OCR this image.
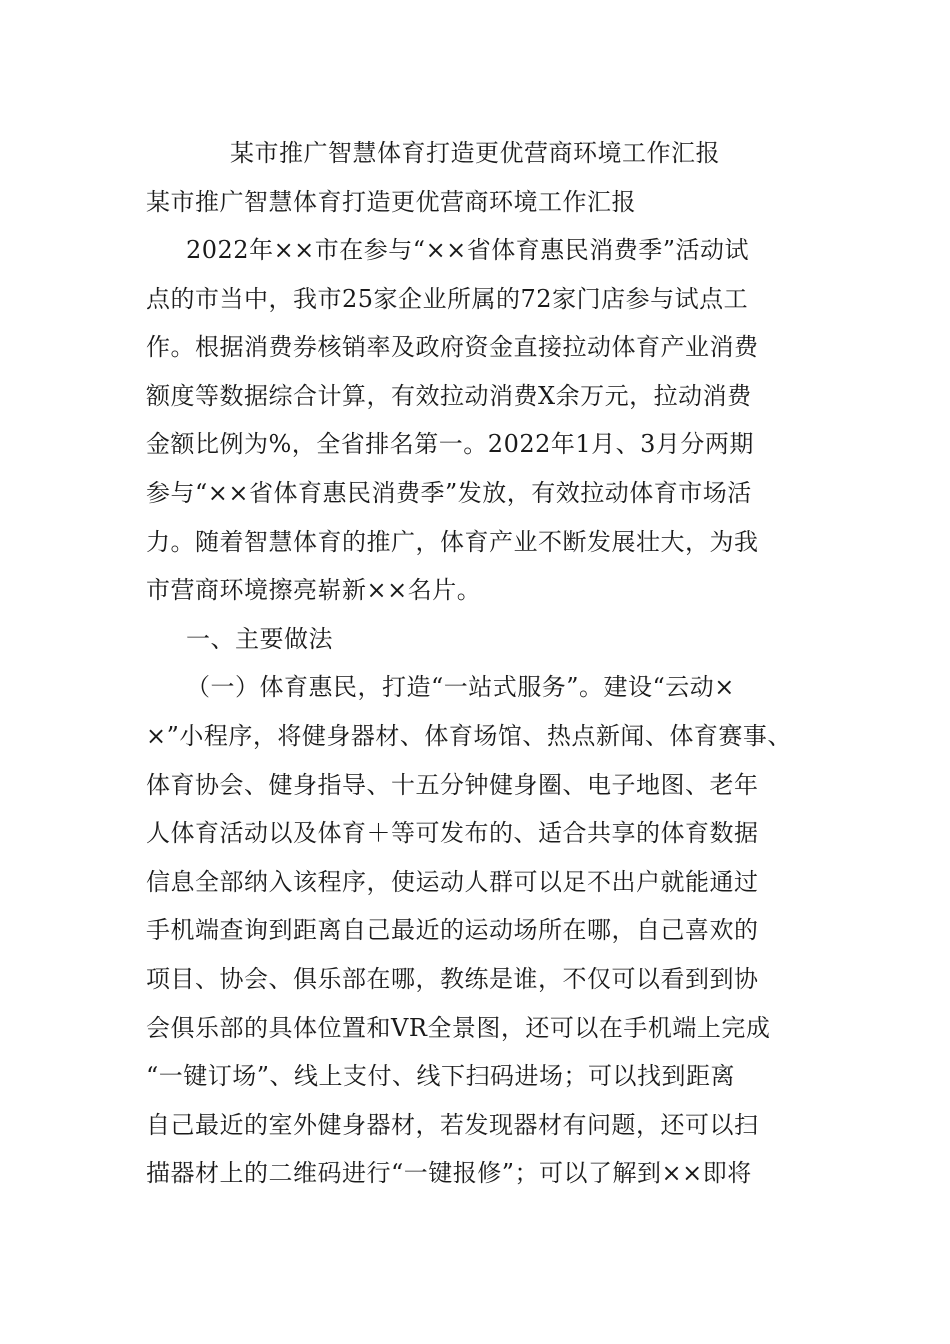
某市推广智慧体育打造更优营商环境工作汇报
某市推广智慧体育打造更优营商环境工作汇报
2022年××市在参与“××省体育惠民消费季”活动试
点的市当中，我市25家企业所属的72家门店参与试点工
作。根据消费券核销率及政府资金直接拉动体育产业消费
额度等数据综合计算，有效拉动消费X余万元，拉动消费
金额比例为%，全省排名第一。2022年1月、3月分两期
参与“××省体育惠民消费季”发放，有效拉动体育市场活
力。随着智慧体育的推广，体育产业不断发展壮大，为我
市营商环境擦亮崭新××名片。
一、主要做法
（一）体育惠民，打造“一站式服务”。建设“云动×
×”小程序，将健身器材、体育场馆、热点新闻、体育赛事、
体育协会、健身指导、十五分钟健身圈、电子地图、老年
人体育活动以及体育＋等可发布的、适合共享的体育数据
信息全部纳入该程序，使运动人群可以足不出户就能通过
手机端查询到距离自己最近的运动场所在哪，自己喜欢的
项目、协会、俱乐部在哪，教练是谁，不仅可以看到到协
会俱乐部的具体位置和VR全景图，还可以在手机端上完成
“一键订场”、线上支付、线下扫码进场；可以找到距离
自己最近的室外健身器材，若发现器材有问题，还可以扫
描器材上的二维码进行“一键报修”；可以了解到××即将
